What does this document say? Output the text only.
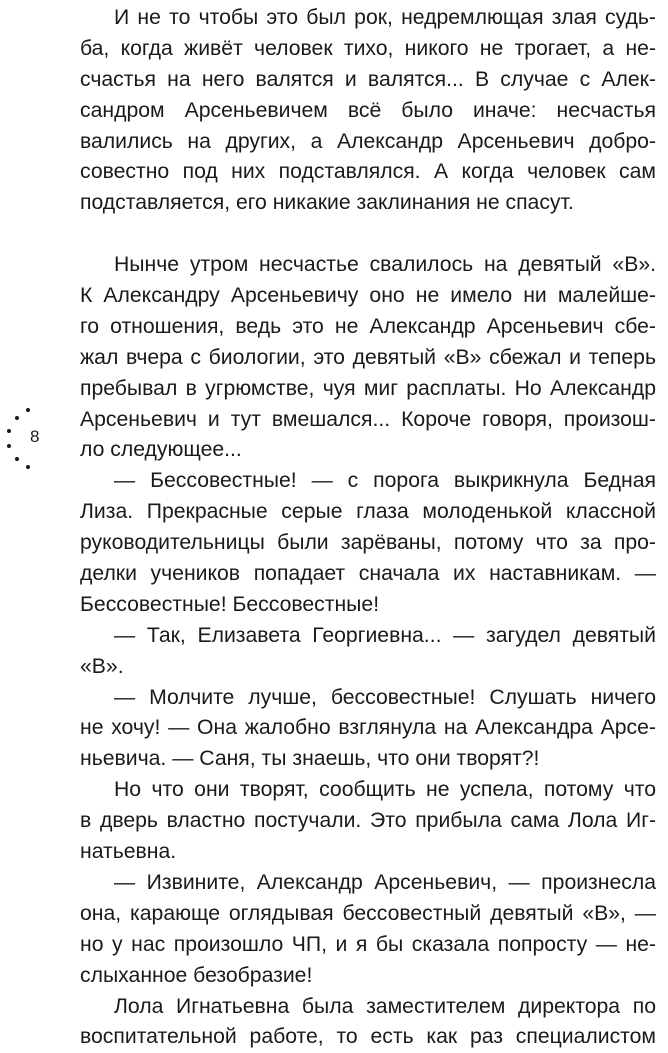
8
И не то чтобы это был рок, недремлющая злая судь-
ба, когда живёт человек тихо, никого не трогает, а не-
счастья на него валятся и валятся... В случае с Алек-
сандром Арсеньевичем всё было иначе: несчастья
валились на других, а Александр Арсеньевич добро-
совестно под них подставлялся. А когда человек сам
подставляется, его никакие заклинания не спасут.
Нынче утром несчастье свалилось на девятый «В».
К Александру Арсеньевичу оно не имело ни малейше-
го отношения, ведь это не Александр Арсеньевич сбе-
жал вчера с биологии, это девятый «В» сбежал и теперь
пребывал в угрюмстве, чуя миг расплаты. Но Александр
Арсеньевич и тут вмешался... Короче говоря, произош-
ло следующее...
— Бессовестные! — с порога выкрикнула Бедная
Лиза. Прекрасные серые глаза молоденькой классной
руководительницы были зарёваны, потому что за про-
делки учеников попадает сначала их наставникам. —
Бессовестные! Бессовестные!
— Так, Елизавета Георгиевна... — загудел девятый
«В».
— Молчите лучше, бессовестные! Слушать ничего
не хочу! — Она жалобно взглянула на Александра Арсе-
ньевича. — Саня, ты знаешь, что они творят?!
Но что они творят, сообщить не успела, потому что
в дверь властно постучали. Это прибыла сама Лола Иг-
натьевна.
— Извините, Александр Арсеньевич, — произнесла
она, карающе оглядывая бессовестный девятый «В», —
но у нас произошло ЧП, и я бы сказала попросту — не-
слыханное безобразие!
Лола Игнатьевна была заместителем директора по
воспитательной работе, то есть как раз специалистом
